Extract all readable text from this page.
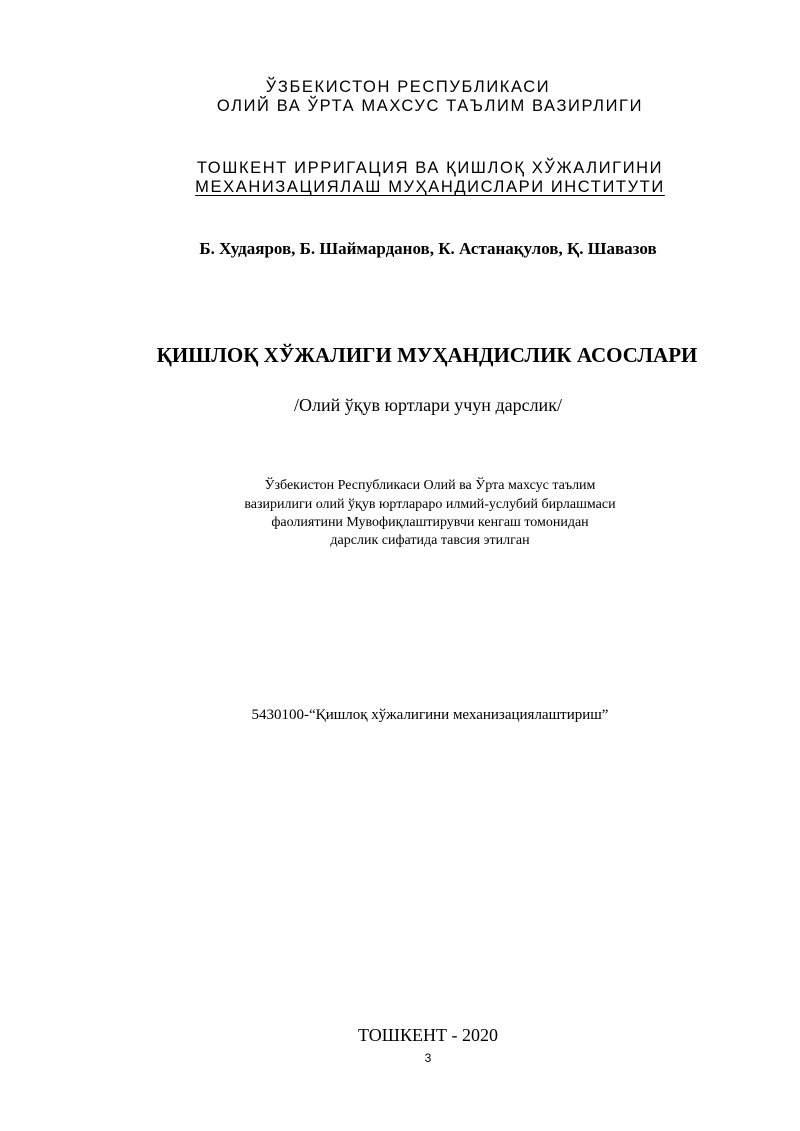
ЎЗБЕКИСТОН РЕСПУБЛИКАСИ
ОЛИЙ ВА ЎРТА МАХСУС ТАЪЛИМ ВАЗИРЛИГИ
ТОШКЕНТ ИРРИГАЦИЯ ВА ҚИШЛОҚ ХЎЖАЛИГИНИ
МЕХАНИЗАЦИЯЛАШ МУҲАНДИСЛАРИ ИНСТИТУТИ
Б. Худаяров, Б. Шаймарданов, К. Астанақулов, Қ. Шавазов
ҚИШЛОҚ ХЎЖАЛИГИ МУҲАНДИСЛИК АСОСЛАРИ
/Олий ўқув юртлари учун дарслик/
Ўзбекистон Республикаси Олий ва Ўрта махсус таълим
вазирилиги олий ўқув юртлараро илмий-услубий бирлашмаси
фаолиятини Мувофиқлаштирувчи кенгаш томонидан
дарслик сифатида тавсия этилган
5430100-“Қишлоқ хўжалигини механизациялаштириш”
ТОШКЕНТ - 2020
3
